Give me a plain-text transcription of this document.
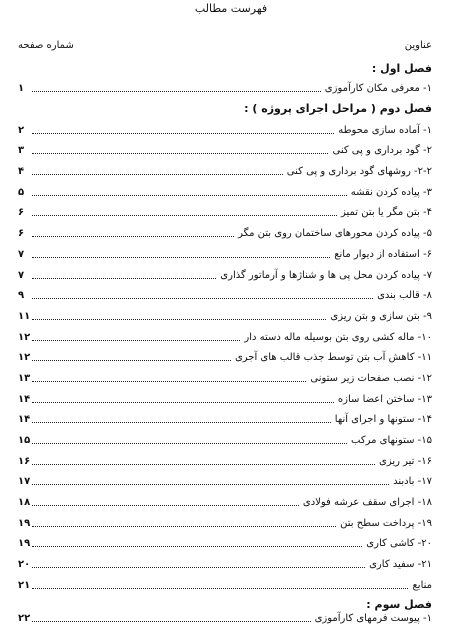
فهرست مطالب
عناوین
شماره صفحه
فصل اول :
۱- معرفی مکان کارآموزی
۱
فصل دوم ( مراحل اجرای پروژه ) :
۱- آماده سازی محوطه
۲
۲- گود برداری و پی کنی
۳
۲-۲- روشهای گود برداری و پی کنی
۴
۳- پیاده کردن نقشه
۵
۴- بتن مگر یا بتن تمیز
۶
۵- پیاده کردن محورهای ساختمان روی بتن مگر
۶
۶- استفاده از دیوار مانع
۷
۷- پیاده کردن محل پی ها و شناژها و آرماتور گذاری
۷
۸- قالب بندی
۹
۹- بتن سازی و بتن ریزی
۱۱
۱۰- ماله کشی روی بتن بوسیله ماله دسته دار
۱۲
۱۱- کاهش آب بتن توسط جذب قالب های آجری
۱۲
۱۲- نصب صفحات زیر ستونی
۱۳
۱۳- ساختن اعضا سازه
۱۴
۱۴- ستونها و اجرای آنها
۱۴
۱۵- ستونهای مرکب
۱۵
۱۶- تیر ریزی
۱۶
۱۷- بادبند
۱۷
۱۸- اجرای سقف عرشه فولادی
۱۸
۱۹- پرداخت سطح بتن
۱۹
۲۰- کاشی کاری
۱۹
۲۱- سفید کاری
۲۰
منابع
۲۱
فصل سوم :
۱- پیوست فرمهای کارآموزی
۲۲
